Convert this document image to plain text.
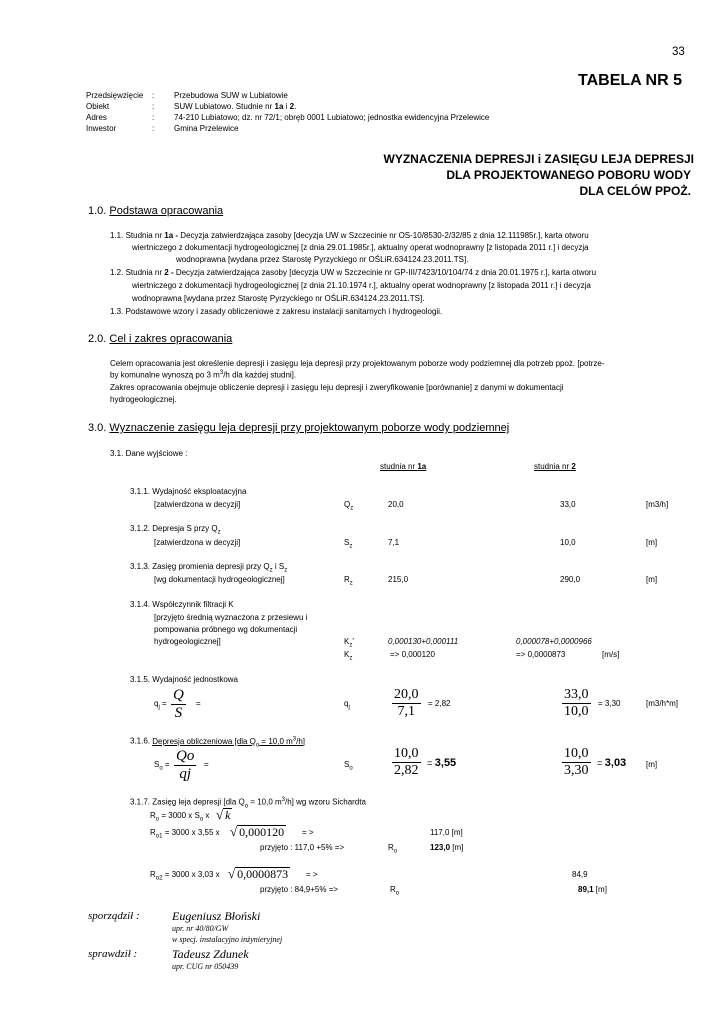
33
TABELA NR 5
Przedsięwzięcie : Przebudowa SUW w Lubiatowie
Obiekt	: SUW Lubiatowo. Studnie nr 1a i 2.
Adres	: 74-210 Lubiatowo; dz. nr 72/1; obręb 0001 Lubiatowo; jednostka ewidencyjna Przelewice
Inwestor	: Gmina Przelewice
WYZNACZENIA DEPRESJI i ZASIĘGU LEJA DEPRESJI
DLA PROJEKTOWANEGO POBORU WODY
DLA CELÓW PPOŻ.
1.0. Podstawa opracowania
1.1. Studnia nr 1a - Decyzja zatwierdzająca zasoby [decyzja UW w Szczecinie nr OS-10/8530-2/32/85 z dnia 12.111985r.], karta otworu
wiertniczego z dokumentacji hydrogeologicznej [z dnia 29.01.1985r.], aktualny operat wodnoprawny [z listopada 2011 r.] i decyzja
wodnoprawna [wydana przez Starostę Pyrzyckiego nr OŚLiR.634124.23.2011.TS].
1.2. Studnia nr 2 - Decyzja zatwierdzająca zasoby [decyzja UW w Szczecinie nr GP-III/7423/10/104/74 z dnia 20.01.1975 r.], karta otworu
wiertniczego z dokumentacji hydrogeologicznej [z dnia 21.10.1974 r.], aktualny operat wodnoprawny [z listopada 2011 r.] i decyzja
wodnoprawna [wydana przez Starostę Pyrzyckiego nr OŚLiR.634124.23.2011.TS].
1.3. Podstawowe wzory i zasady obliczeniowe z zakresu instalacji sanitarnych i hydrogeologii.
2.0. Cel i zakres opracowania
Celem opracowania jest określenie depresji i zasięgu leja depresji przy projektowanym poborze wody podziemnej dla potrzeb ppoż. [potrze-
by komunalne wynoszą po 3 $m^3/h$ dla każdej studni].
Zakres opracowania obejmuje obliczenie depresji i zasięgu leju depresji i zweryfikowanie [porównanie] z danymi w dokumentacji
hydrogeologicznej.
3.0. Wyznaczenie zasięgu leja depresji przy projektowanym poborze wody podziemnej
3.1. Dane wyjściowe :
studnia nr 1a	studnia nr 2
3.1.1. Wydajność eksploatacyjna
[zatwierdzona w decyzji]	$Q_z$	20,0	33,0	[m3/h]
3.1.2. Depresja S przy $Q_z$
[zatwierdzona w decyzji]	$S_z$	7,1	10,0	[m]
3.1.3. Zasięg promienia depresji przy $Q_z$ i $S_z$
[wg dokumentacji hydrogeologicznej]	$R_z$	215,0	290,0	[m]
3.1.4. Współczynnik filtracji K
[przyjęto średnią wyznaczona z przesiewu i
pompowania próbnego wg dokumentacji
hydrogeologicznej]	$K_z'$	0,000130+0,000111	0,000078+0,0000966
$K_z$	=> 0,000120	=> 0,0000873	[m/s]
3.1.5. Wydajność jednostkowa
$q_j = \frac{Q}{S}$ =	$q_j$	$\frac{20,0}{7,1} = 2,82$	$\frac{33,0}{10,0} = 3,30$	[m3/h*m]
3.1.6. Depresja obliczeniowa [dla $Q_o = 10,0$ $m^3/h$]
$S_o = \frac{Qo}{qj}$ =	$S_o$	$\frac{10,0}{2,82} = 3,55$	$\frac{10,0}{3,30} = 3,03$ [m]
3.1.7. Zasięg leja depresji [dla $Q_o = 10,0$ $m^3/h$] wg wzoru Sichardta
$R_o = 3000$ x $S_o$ x √ k
$R_{o1} = 3000$ x 3,55 x √ 0,000120 = >	117,0 [m]
przyjęto : 117,0 +5% =>	$R_o$	123,0 [m]
$R_{o2} = 3000$ x 3,03 x √ 0,0000873 = >	84,9
przyjęto : 84,9+5% =>	$R_o$	89,1 [m]
sporządził :	Eugeniusz Błoński
upr. nr 40/80/GW
w specj. instalacyjno inżynieryjnej
sprawdził :	Tadeusz Zdunek
upr. CUG nr 050439
